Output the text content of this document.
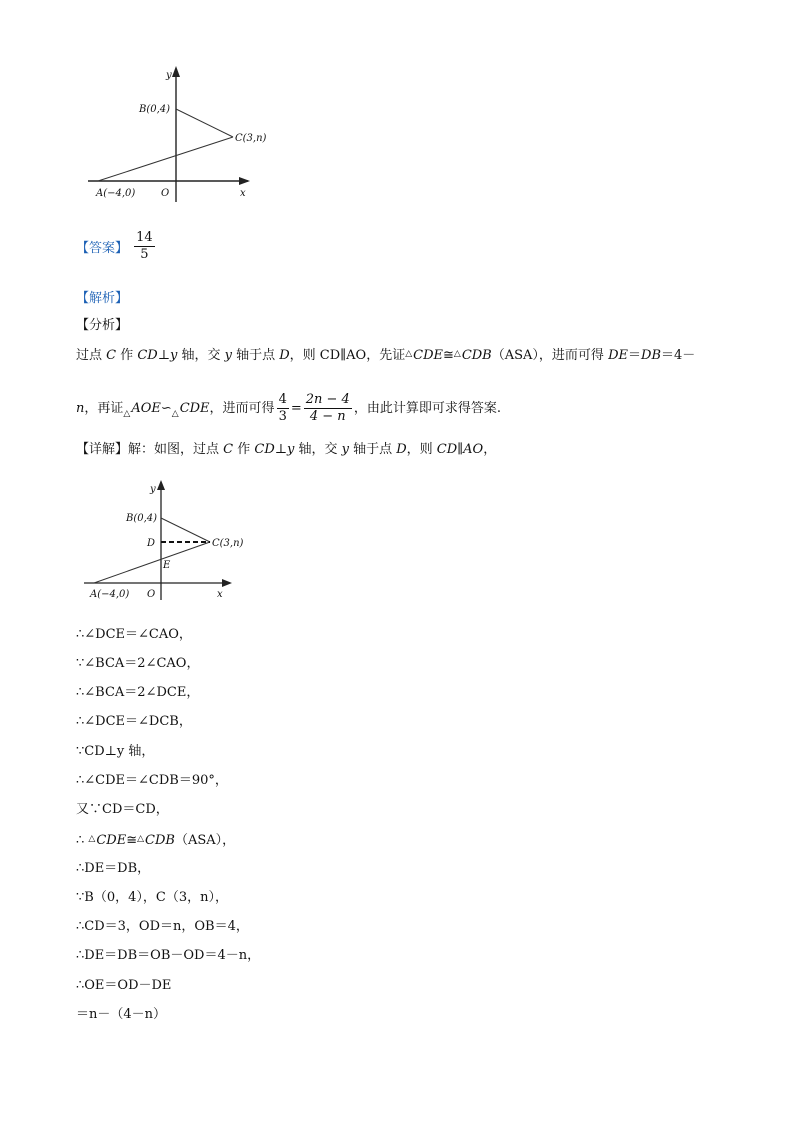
y
x
O
B(0,4)
C(3,n)
A(−4,0)
【答案】 $\frac{14}{5}$
【解析】
【分析】
过点 C 作 CD⊥y 轴，交 y 轴于点 D，则 CD∥AO，先证△CDE≅△CDB（ASA），进而可得 DE＝DB＝4－
n，再证△AOE∽△CDE，进而可得 $\frac{4}{3} = \frac{2n - 4}{4 - n}$ ，由此计算即可求得答案.
【详解】解：如图，过点 C 作 CD⊥y 轴，交 y 轴于点 D，则 CD∥AO，
y
x
O
B(0,4)
C(3,n)
A(−4,0)
D
E
∴∠DCE＝∠CAO，
∵∠BCA＝2∠CAO，
∴∠BCA＝2∠DCE，
∴∠DCE＝∠DCB，
∵CD⊥y 轴，
∴∠CDE＝∠CDB＝90°，
又∵CD＝CD，
∴ △CDE≅△CDB（ASA），
∴DE＝DB，
∵B（0，4），C（3，n），
∴CD＝3，OD＝n，OB＝4，
∴DE＝DB＝OB－OD＝4－n，
∴OE＝OD－DE
＝n－（4－n）
